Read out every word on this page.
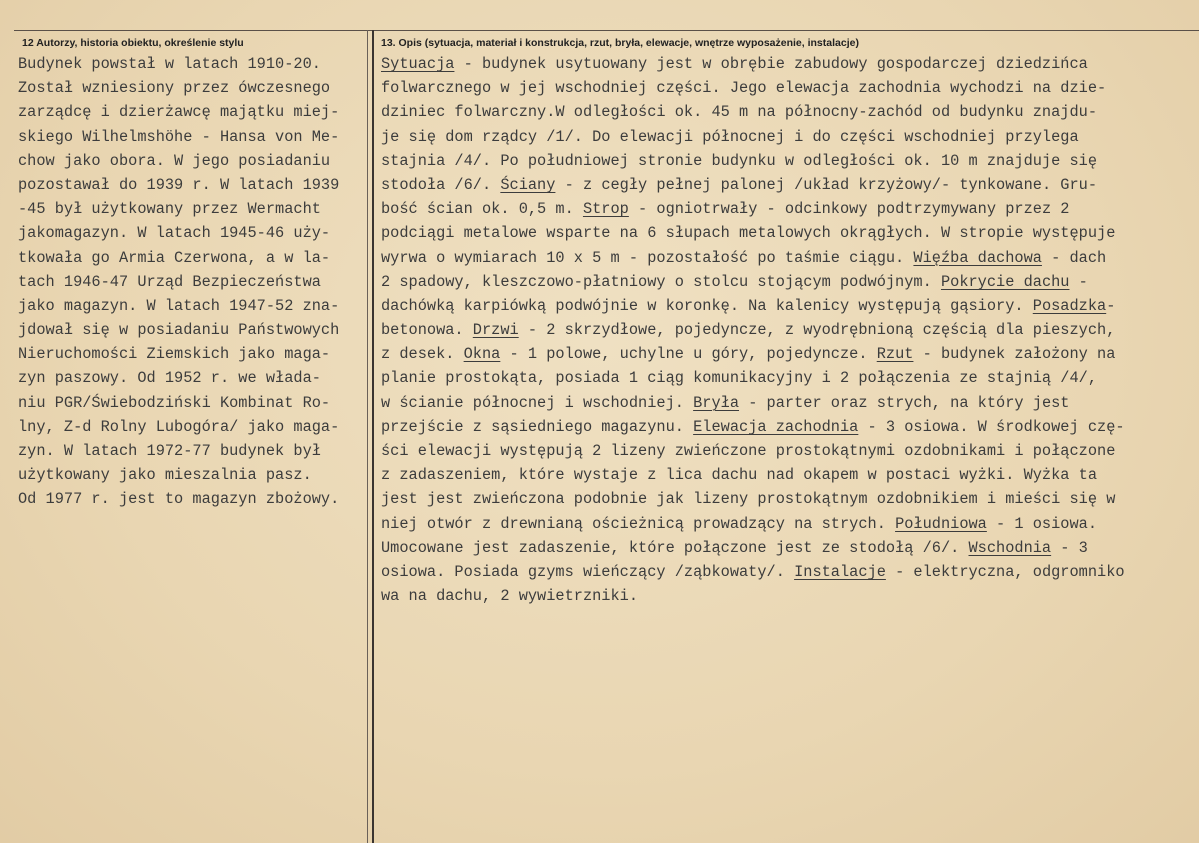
12 Autorzy, historia obiektu, określenie stylu	13. Opis (sytuacja, materiał i konstrukcja, rzut, bryła, elewacje, wnętrze wyposażenie, instalacje)
Budynek powstał w latach 1910-20.
Został wzniesiony przez ówczesnego
zarządcę i dzierżawcę majątku miej-
skiego Wilhelmshöhe - Hansa von Me-
chow jako obora. W jego posiadaniu
pozostawał do 1939 r. W latach 1939
-45 był użytkowany przez Wermacht
jakomagazyn. W latach 1945-46 uży-
tkowała go Armia Czerwona, a w la-
tach 1946-47 Urząd Bezpieczeństwa
jako magazyn. W latach 1947-52 zna-
jdował się w posiadaniu Państwowych
Nieruchomości Ziemskich jako maga-
zyn paszowy. Od 1952 r. we włada-
niu PGR/Świebodziński Kombinat Ro-
lny, Z-d Rolny Lubogóra/ jako maga-
zyn. W latach 1972-77 budynek był
użytkowany jako mieszalnia pasz.
Od 1977 r. jest to magazyn zbożowy.
Sytuacja - budynek usytuowany jest w obrębie zabudowy gospodarczej dziedzińca
folwarcznego w jej wschodniej części. Jego elewacja zachodnia wychodzi na dzie-
dziniec folwarczny.W odległości ok. 45 m na północny-zachód od budynku znajdu-
je się dom rządcy /1/. Do elewacji północnej i do części wschodniej przylega
stajnia /4/. Po południowej stronie budynku w odległości ok. 10 m znajduje się
stodoła /6/. Ściany - z cegły pełnej palonej /układ krzyżowy/- tynkowane. Gru-
bość ścian ok. 0,5 m. Strop - ogniotrwały - odcinkowy podtrzymywany przez 2
podciągi metalowe wsparte na 6 słupach metalowych okrągłych. W stropie występuje
wyrwa o wymiarach 10 x 5 m - pozostałość po taśmie ciągu. Więźba dachowa - dach
2 spadowy, kleszczowo-płatniowy o stolcu stojącym podwójnym. Pokrycie dachu -
dachówką karpiówką podwójnie w koronkę. Na kalenicy występują gąsiory. Posadzka-
betonowa. Drzwi - 2 skrzydłowe, pojedyncze, z wyodrębnioną częścią dla pieszych,
z desek. Okna - 1 polowe, uchylne u góry, pojedyncze. Rzut - budynek założony na
planie prostokąta, posiada 1 ciąg komunikacyjny i 2 połączenia ze stajnią /4/,
w ścianie północnej i wschodniej. Bryła - parter oraz strych, na który jest
przejście z sąsiedniego magazynu. Elewacja zachodnia - 3 osiowa. W środkowej czę-
ści elewacji występują 2 lizeny zwieńczone prostokątnymi ozdobnikami i połączone
z zadaszeniem, które wystaje z lica dachu nad okapem w postaci wyżki. Wyżka ta
jest jest zwieńczona podobnie jak lizeny prostokątnym ozdobnikiem i mieści się w
niej otwór z drewnianą ościeżnicą prowadzący na strych. Południowa - 1 osiowa.
Umocowane jest zadaszenie, które połączone jest ze stodołą /6/. Wschodnia - 3
osiowa. Posiada gzyms wieńczący /ząbkowaty/. Instalacje - elektryczna, odgromniko
wa na dachu, 2 wywietrzniki.
